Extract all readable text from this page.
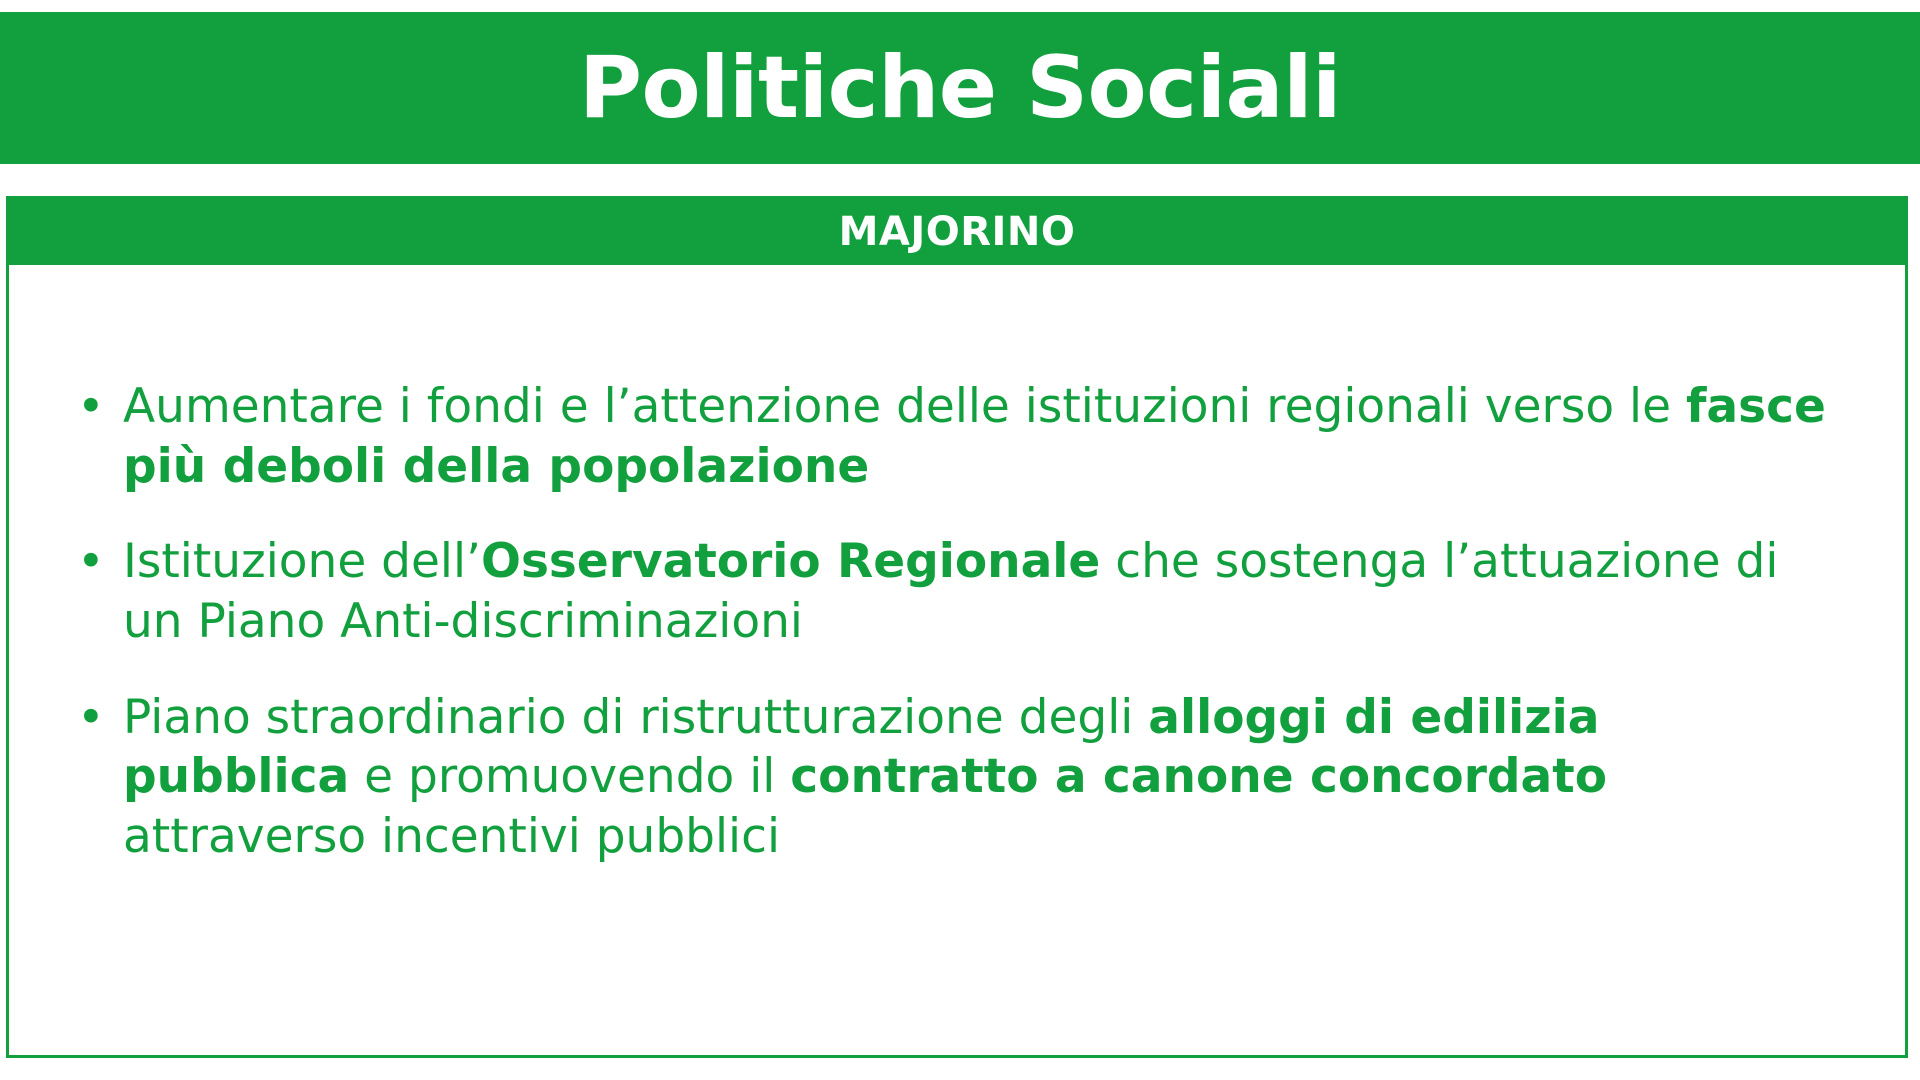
Politiche Sociali
MAJORINO
• Aumentare i fondi e l’attenzione delle istituzioni regionali verso le fasce più deboli della popolazione
• Istituzione dell’Osservatorio Regionale che sostenga l’attuazione di un Piano Anti-discriminazioni
• Piano straordinario di ristrutturazione degli alloggi di edilizia pubblica e promuovendo il contratto a canone concordato attraverso incentivi pubblici
